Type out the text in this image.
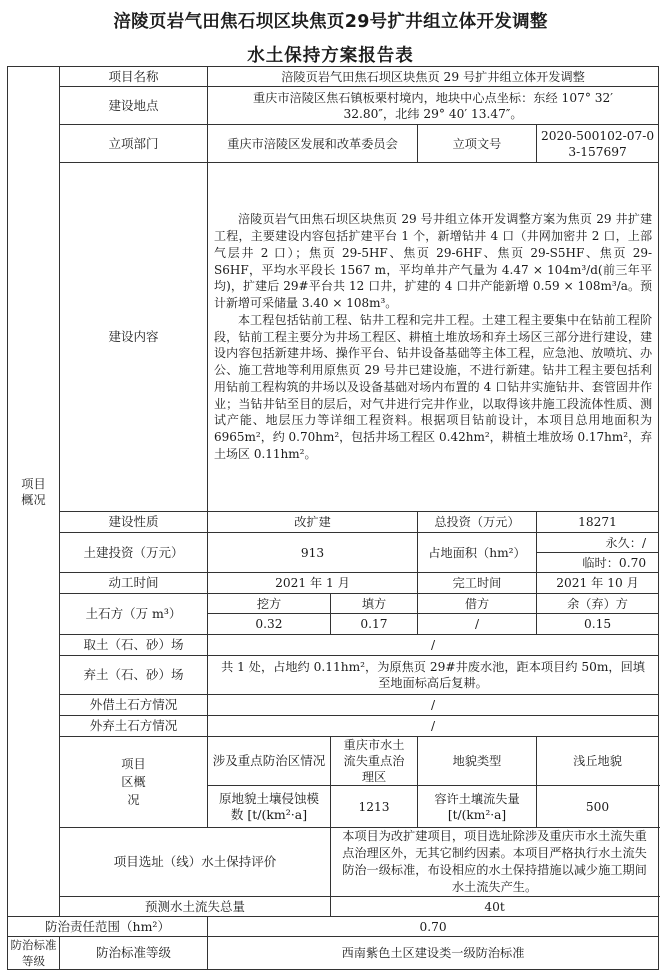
涪陵页岩气田焦石坝区块焦页29号扩井组立体开发调整
水土保持方案报告表
项目概况	项目名称	涪陵页岩气田焦石坝区块焦页 29 号扩井组立体开发调整			
	建设地点	重庆市涪陵区焦石镇板栗村境内，地块中心点坐标：东经 107° 32′ 32.80″，北纬 29° 40′ 13.47″。			
	立项部门	重庆市涪陵区发展和改革委员会		立项文号	2020-500102-07-03-157697
	建设内容	涪陵页岩气田焦石坝区块焦页 29 号井组立体开发调整方案为焦页 29 井扩建工程，主要建设内容包括扩建平台 1 个，新增钻井 4 口（井网加密井 2 口，上部气层井 2 口）；焦页 29-5HF、焦页 29-6HF、焦页 29-S5HF、焦页 29-S6HF，平均水平段长 1567 m，平均单井产气量为 4.47 × 104m³/d(前三年平均)，扩建后 29#平台共 12 口井，扩建的 4 口井产能新增 0.59 × 108m³/a。预计新增可采储量 3.40 × 108m³。

本工程包括钻前工程、钻井工程和完井工程。土建工程主要集中在钻前工程阶段，钻前工程主要分为井场工程区、耕植土堆放场和弃土场区三部分进行建设，建设内容包括新建井场、操作平台、钻井设备基础等主体工程，应急池、放喷坑、办公、施工营地等利用原焦页 29 号井已建设施，不进行新建。钻井工程主要包括利用钻前工程构筑的井场以及设备基础对场内布置的 4 口钻井实施钻井、套管固井作业；当钻井钻至目的层后，对气井进行完井作业，以取得该井施工段流体性质、测试产能、地层压力等详细工程资料。根据项目钻前设计，本项目总用地面积为 6965m²，约 0.70hm²，包括井场工程区 0.42hm²，耕植土堆放场 0.17hm²，弃土场区 0.11hm²。			

	建设性质	改扩建		总投资（万元）	18271
	土建投资（万元）	913		占地面积（hm²）	永久：/
					临时：0.70
	动工时间	2021 年 1 月		完工时间	2021 年 10 月
	土石方（万 m³）	挖方	填方	借方	余（弃）方
		0.32	0.17	/	0.15
	取土（石、砂）场	/			
	弃土（石、砂）场	共 1 处，占地约 0.11hm²，为原焦页 29#井废水池，距本项目约 50m，回填至地面标高后复耕。			
	外借土石方情况	/			
	外弃土石方情况	/			
	项目区概况	涉及重点防治区情况	重庆市水土流失重点治理区	地貌类型	浅丘地貌
		原地貌土壤侵蚀模数 [t/(km²·a]	1213	容许土壤流失量 [t/(km²·a]	500
	项目选址（线）水土保持评价		本项目为改扩建项目，项目选址除涉及重庆市水土流失重点治理区外，无其它制约因素。本项目严格执行水土流失防治一级标准，布设相应的水土保持措施以减少施工期间水土流失产生。		
	预测水土流失总量		40t		
防治责任范围（hm²）		0.70			
防治标准等级	防治标准等级	西南紫色土区建设类一级防治标准			
